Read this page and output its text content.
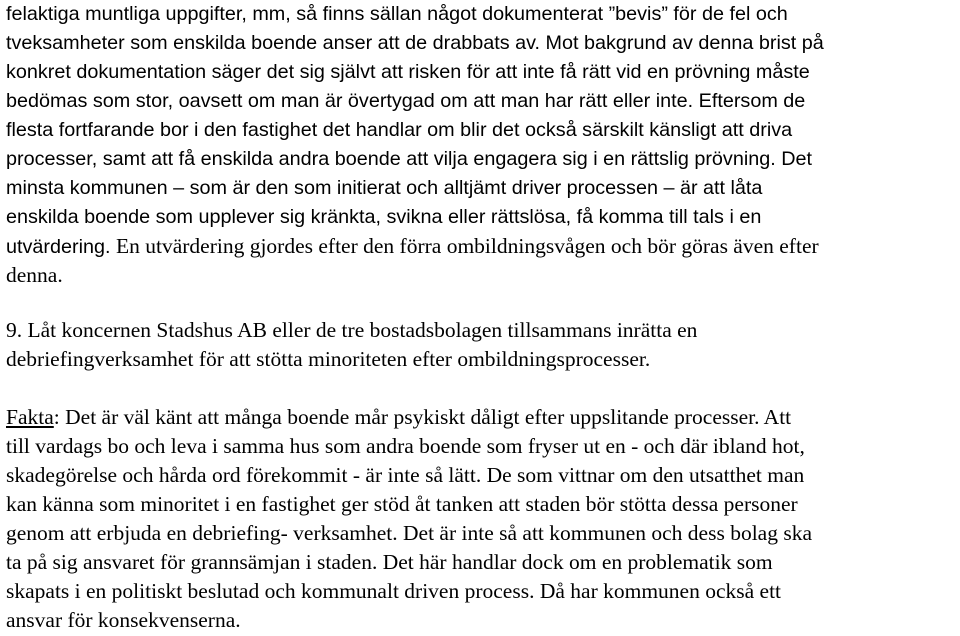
felaktiga muntliga uppgifter, mm, så finns sällan något dokumenterat ”bevis” för de fel och
tveksamheter som enskilda boende anser att de drabbats av. Mot bakgrund av denna brist på
konkret dokumentation säger det sig självt att risken för att inte få rätt vid en prövning måste
bedömas som stor, oavsett om man är övertygad om att man har rätt eller inte. Eftersom de
flesta fortfarande bor i den fastighet det handlar om blir det också särskilt känsligt att driva
processer, samt att få enskilda andra boende att vilja engagera sig i en rättslig prövning. Det
minsta kommunen – som är den som initierat och alltjämt driver processen – är att låta
enskilda boende som upplever sig kränkta, svikna eller rättslösa, få komma till tals i en
utvärdering. En utvärdering gjordes efter den förra ombildningsvågen och bör göras även efter
denna.
9. Låt koncernen Stadshus AB eller de tre bostadsbolagen tillsammans inrätta en
debriefingverksamhet för att stötta minoriteten efter ombildningsprocesser.
Fakta: Det är väl känt att många boende mår psykiskt dåligt efter uppslitande processer. Att
till vardags bo och leva i samma hus som andra boende som fryser ut en - och där ibland hot,
skadegörelse och hårda ord förekommit - är inte så lätt. De som vittnar om den utsatthet man
kan känna som minoritet i en fastighet ger stöd åt tanken att staden bör stötta dessa personer
genom att erbjuda en debriefing- verksamhet. Det är inte så att kommunen och dess bolag ska
ta på sig ansvaret för grannsämjan i staden. Det här handlar dock om en problematik som
skapats i en politiskt beslutad och kommunalt driven process. Då har kommunen också ett
ansvar för konsekvenserna.
